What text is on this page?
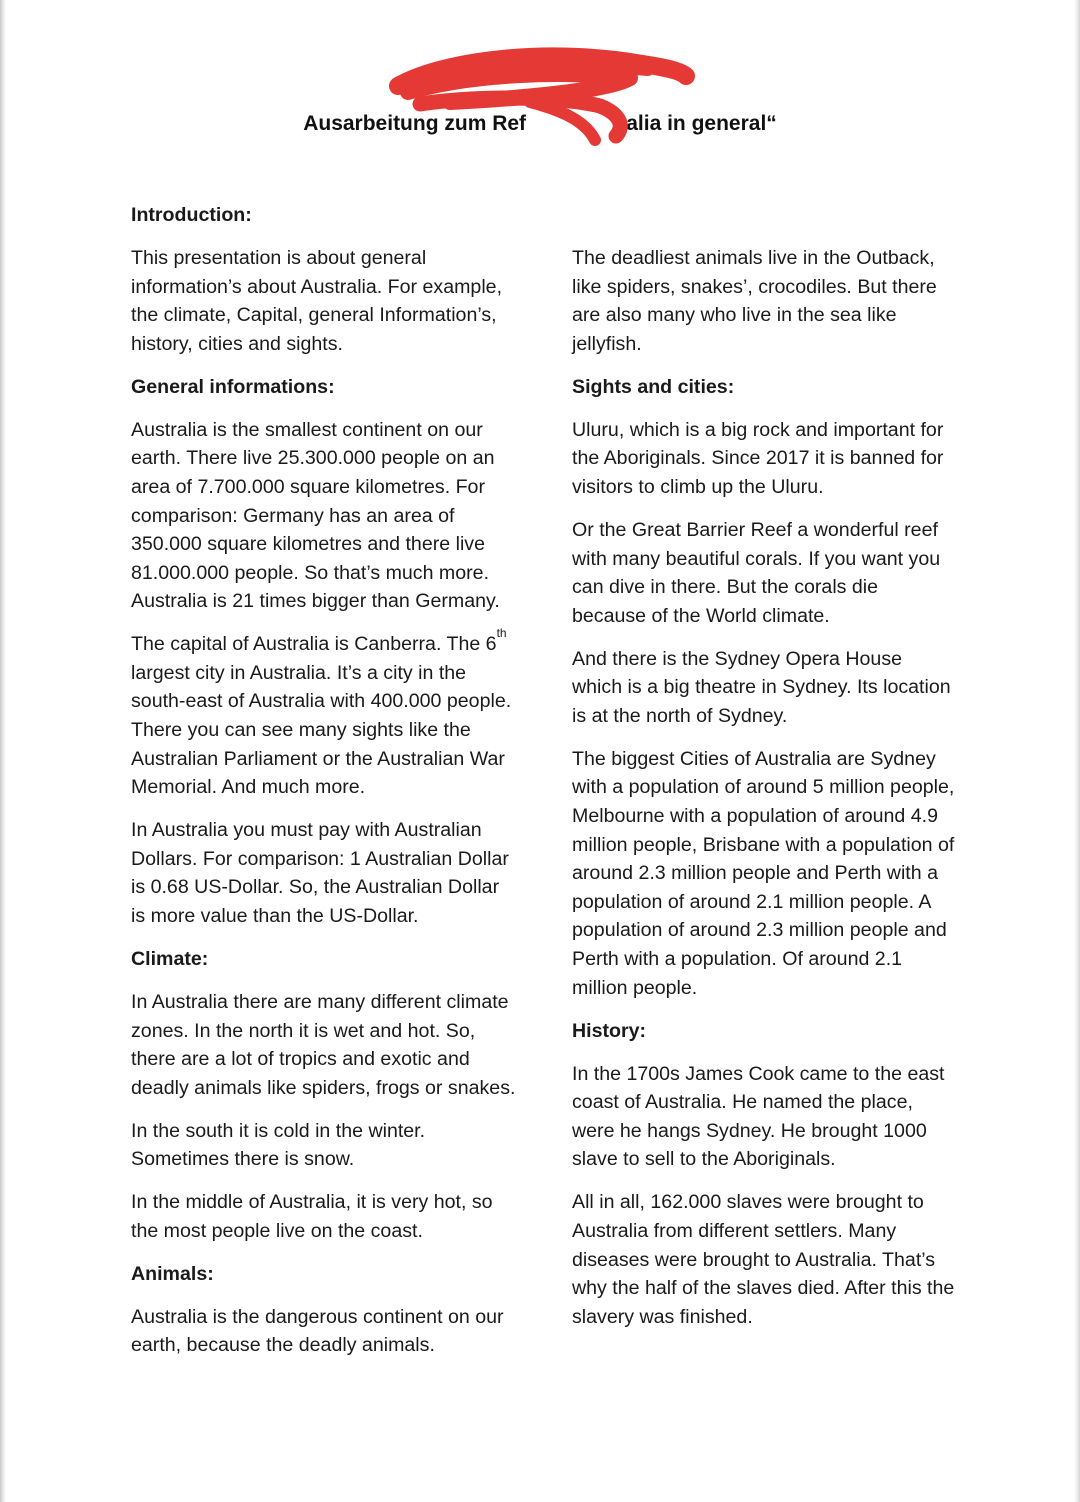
Ausarbeitung zum Ref	ralia in general“

Introduction:

This presentation is about general information’s about Australia. For example, the climate, Capital, general Information’s, history, cities and sights.

General informations:

Australia is the smallest continent on our earth. There live 25.300.000 people on an area of 7.700.000 square kilometres. For comparison: Germany has an area of 350.000 square kilometres and there live 81.000.000 people. So that’s much more. Australia is 21 times bigger than Germany.

The capital of Australia is Canberra. The 6th largest city in Australia. It’s a city in the south-east of Australia with 400.000 people. There you can see many sights like the Australian Parliament or the Australian War Memorial. And much more.

In Australia you must pay with Australian Dollars. For comparison: 1 Australian Dollar is 0.68 US-Dollar. So, the Australian Dollar is more value than the US-Dollar.

Climate:

In Australia there are many different climate zones. In the north it is wet and hot. So, there are a lot of tropics and exotic and deadly animals like spiders, frogs or snakes.

In the south it is cold in the winter. Sometimes there is snow.

In the middle of Australia, it is very hot, so the most people live on the coast.

Animals:

Australia is the dangerous continent on our earth, because the deadly animals.

The deadliest animals live in the Outback, like spiders, snakes’, crocodiles. But there are also many who live in the sea like jellyfish.

Sights and cities:

Uluru, which is a big rock and important for the Aboriginals. Since 2017 it is banned for visitors to climb up the Uluru.

Or the Great Barrier Reef a wonderful reef with many beautiful corals. If you want you can dive in there. But the corals die because of the World climate.

And there is the Sydney Opera House which is a big theatre in Sydney. Its location is at the north of Sydney.

The biggest Cities of Australia are Sydney with a population of around 5 million people, Melbourne with a population of around 4.9 million people, Brisbane with a population of around 2.3 million people and Perth with a population of around 2.1 million people. A population of around 2.3 million people and Perth with a population. Of around 2.1 million people.

History:

In the 1700s James Cook came to the east coast of Australia. He named the place, were he hangs Sydney. He brought 1000 slave to sell to the Aboriginals.

All in all, 162.000 slaves were brought to Australia from different settlers. Many diseases were brought to Australia. That’s why the half of the slaves died. After this the slavery was finished.
